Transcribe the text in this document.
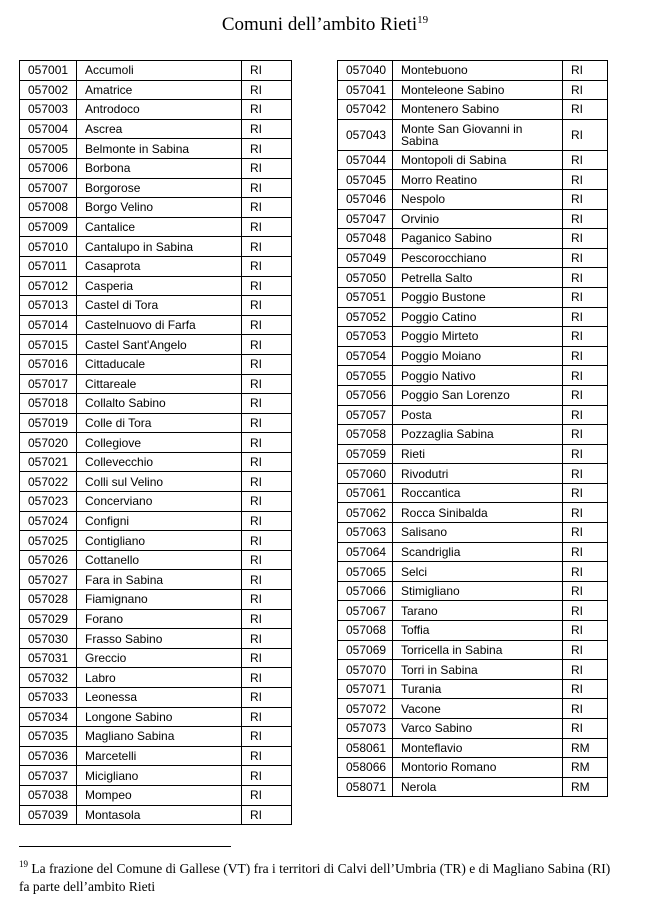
Comuni dell’ambito Rieti$^{19}$
057001	Accumoli	RI
057002	Amatrice	RI
057003	Antrodoco	RI
057004	Ascrea	RI
057005	Belmonte in Sabina	RI
057006	Borbona	RI
057007	Borgorose	RI
057008	Borgo Velino	RI
057009	Cantalice	RI
057010	Cantalupo in Sabina	RI
057011	Casaprota	RI
057012	Casperia	RI
057013	Castel di Tora	RI
057014	Castelnuovo di Farfa	RI
057015	Castel Sant'Angelo	RI
057016	Cittaducale	RI
057017	Cittareale	RI
057018	Collalto Sabino	RI
057019	Colle di Tora	RI
057020	Collegiove	RI
057021	Collevecchio	RI
057022	Colli sul Velino	RI
057023	Concerviano	RI
057024	Configni	RI
057025	Contigliano	RI
057026	Cottanello	RI
057027	Fara in Sabina	RI
057028	Fiamignano	RI
057029	Forano	RI
057030	Frasso Sabino	RI
057031	Greccio	RI
057032	Labro	RI
057033	Leonessa	RI
057034	Longone Sabino	RI
057035	Magliano Sabina	RI
057036	Marcetelli	RI
057037	Micigliano	RI
057038	Mompeo	RI
057039	Montasola	RI
057040	Montebuono	RI
057041	Monteleone Sabino	RI
057042	Montenero Sabino	RI
057043	Monte San Giovanni in Sabina	RI
057044	Montopoli di Sabina	RI
057045	Morro Reatino	RI
057046	Nespolo	RI
057047	Orvinio	RI
057048	Paganico Sabino	RI
057049	Pescorocchiano	RI
057050	Petrella Salto	RI
057051	Poggio Bustone	RI
057052	Poggio Catino	RI
057053	Poggio Mirteto	RI
057054	Poggio Moiano	RI
057055	Poggio Nativo	RI
057056	Poggio San Lorenzo	RI
057057	Posta	RI
057058	Pozzaglia Sabina	RI
057059	Rieti	RI
057060	Rivodutri	RI
057061	Roccantica	RI
057062	Rocca Sinibalda	RI
057063	Salisano	RI
057064	Scandriglia	RI
057065	Selci	RI
057066	Stimigliano	RI
057067	Tarano	RI
057068	Toffia	RI
057069	Torricella in Sabina	RI
057070	Torri in Sabina	RI
057071	Turania	RI
057072	Vacone	RI
057073	Varco Sabino	RI
058061	Monteflavio	RM
058066	Montorio Romano	RM
058071	Nerola	RM
$^{19}$ La frazione del Comune di Gallese (VT) fra i territori di Calvi dell’Umbria (TR) e di Magliano Sabina (RI) fa parte dell’ambito Rieti
